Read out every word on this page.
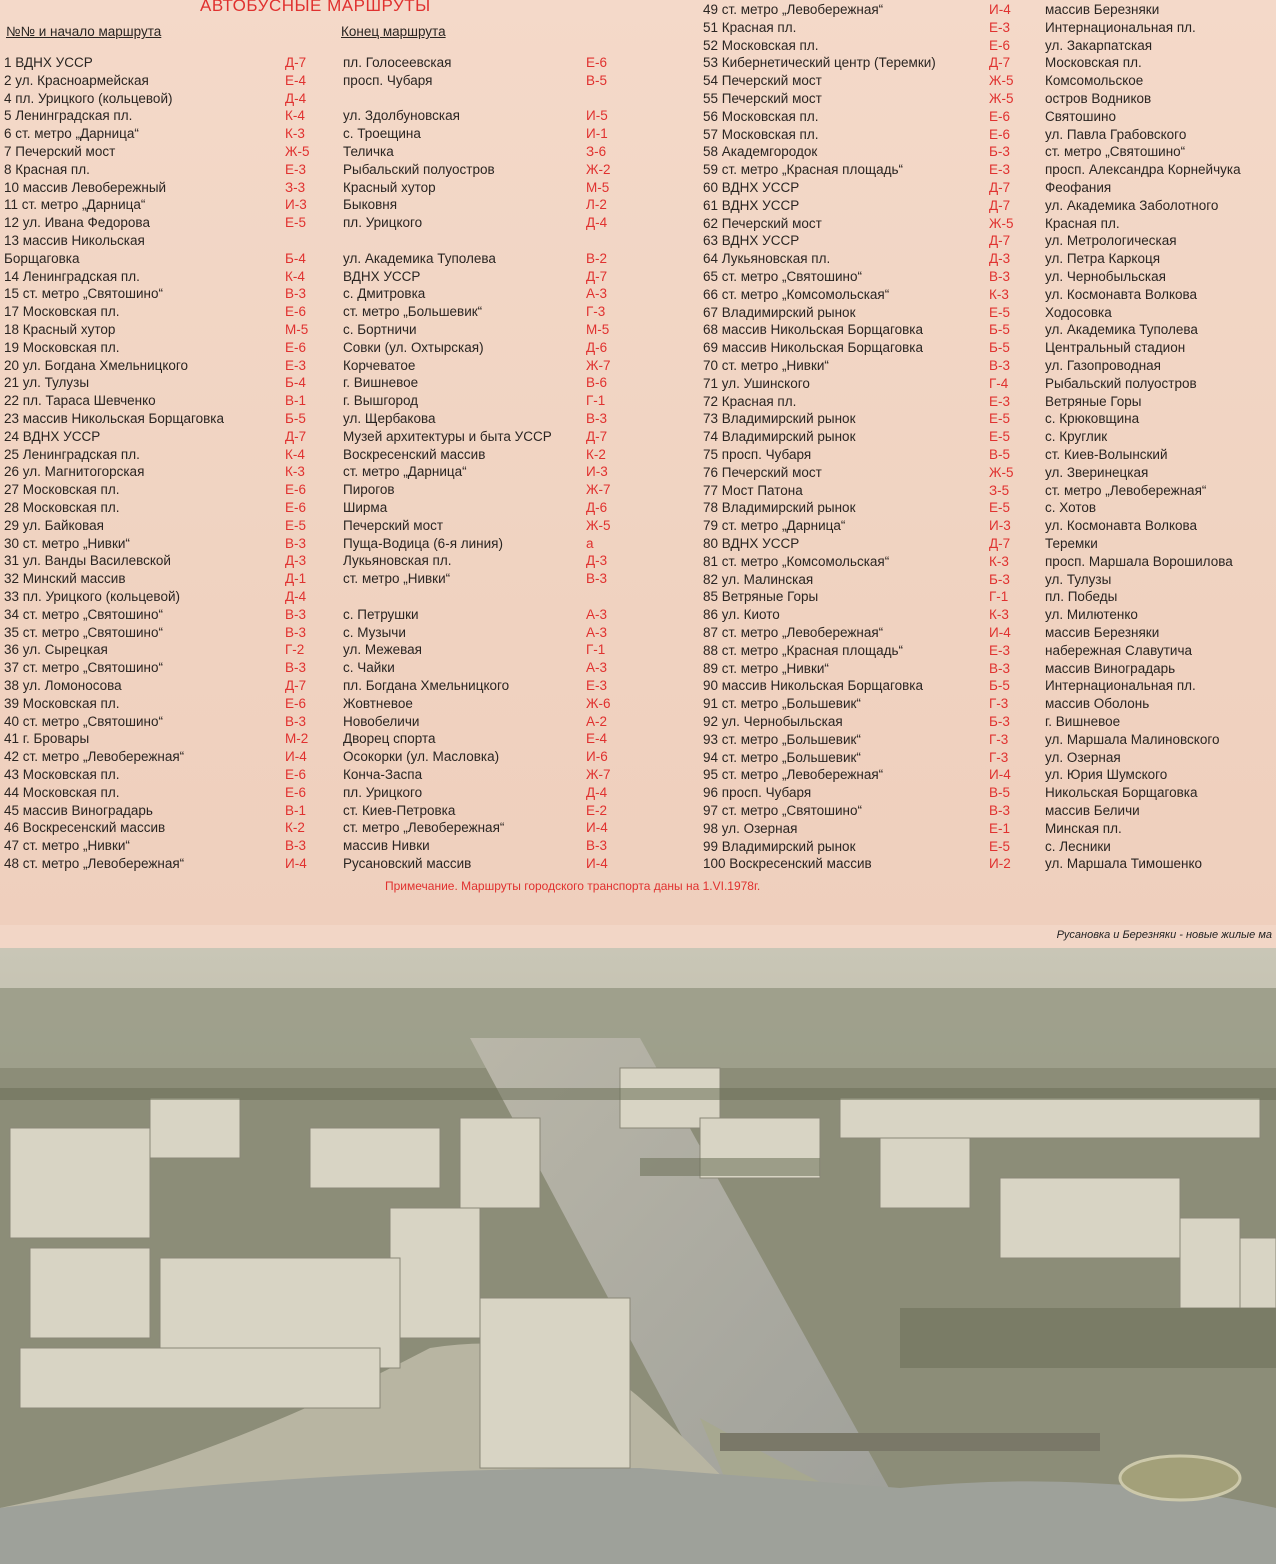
АВТОБУСНЫЕ МАРШРУТЫ
№№ и начало маршрута	Конец маршрута
1 ВДНХ УССР	Д-7	пл. Голосеевская	Е-6
2 ул. Красноармейская	Е-4	просп. Чубаря	В-5
4 пл. Урицкого (кольцевой)	Д-4
5 Ленинградская пл.	К-4	ул. Здолбуновская	И-5
6 ст. метро „Дарница“	К-3	с. Троещина	И-1
7 Печерский мост	Ж-5 Теличка	З-6
8 Красная пл.	Е-3	Рыбальский полуостров	Ж-2
10 массив Левобережный	З-3	Красный хутор	М-5
11 ст. метро „Дарница“	И-3	Быковня	Л-2
12 ул. Ивана Федорова	Е-5	пл. Урицкого	Д-4
13 массив Никольская
Борщаговка	Б-4	ул. Академика Туполева	В-2
14 Ленинградская пл.	К-4	ВДНХ УССР	Д-7
15 ст. метро „Святошино“	В-3	с. Дмитровка	А-3
17 Московская пл.	Е-6	ст. метро „Большевик“	Г-3
18 Красный хутор	М-5	с. Бортничи	М-5
19 Московская пл.	Е-6	Совки (ул. Охтырская)	Д-6
20 ул. Богдана Хмельницкого	Е-3	Корчеватое	Ж-7
21 ул. Тулузы	Б-4	г. Вишневое	В-6
22 пл. Тараса Шевченко	В-1	г. Вышгород	Г-1
23 массив Никольская Борщаговка	Б-5	ул. Щербакова	В-3
24 ВДНХ УССР	Д-7	Музей архитектуры и быта УССР	Д-7
25 Ленинградская пл.	К-4	Воскресенский массив	К-2
26 ул. Магнитогорская	К-3	ст. метро „Дарница“	И-3
27 Московская пл.	Е-6	Пирогов	Ж-7
28 Московская пл.	Е-6	Ширма	Д-6
29 ул. Байковая	Е-5	Печерский мост	Ж-5
30 ст. метро „Нивки“	В-3	Пуща-Водица (6-я линия)	а
31 ул. Ванды Василевской	Д-3	Лукьяновская пл.	Д-3
32 Минский массив	Д-1	ст. метро „Нивки“	В-3
33 пл. Урицкого (кольцевой)	Д-4
34 ст. метро „Святошино“	В-3	с. Петрушки	А-3
35 ст. метро „Святошино“	В-3	с. Музычи	А-3
36 ул. Сырецкая	Г-2	ул. Межевая	Г-1
37 ст. метро „Святошино“	В-3	с. Чайки	А-3
38 ул. Ломоносова	Д-7	пл. Богдана Хмельницкого	Е-3
39 Московская пл.	Е-6	Жовтневое	Ж-6
40 ст. метро „Святошино“	В-3	Новобеличи	А-2
41 г. Бровары	М-2	Дворец спорта	Е-4
42 ст. метро „Левобережная“	И-4	Осокорки (ул. Масловка)	И-6
43 Московская пл.	Е-6	Конча-Заспа	Ж-7
44 Московская пл.	Е-6	пл. Урицкого	Д-4
45 массив Виноградарь	В-1	ст. Киев-Петровка	Е-2
46 Воскресенский массив	К-2	ст. метро „Левобережная“	И-4
47 ст. метро „Нивки“	В-3	массив Нивки	В-3
48 ст. метро „Левобережная“	И-4	Русановский массив	И-4
49 ст. метро „Левобережная“	И-4	массив Березняки
51 Красная пл.	Е-3	Интернациональная пл.
52 Московская пл.	Е-6	ул. Закарпатская
53 Кибернетический центр (Теремки)	Д-7	Московская пл.
54 Печерский мост	Ж-5 Комсомольское
55 Печерский мост	Ж-5 остров Водников
56 Московская пл.	Е-6	Святошино
57 Московская пл.	Е-6	ул. Павла Грабовского
58 Академгородок	Б-3	ст. метро „Святошино“
59 ст. метро „Красная площадь“	Е-3	просп. Александра Корнейчука
60 ВДНХ УССР	Д-7	Феофания
61 ВДНХ УССР	Д-7	ул. Академика Заболотного
62 Печерский мост	Ж-5 Красная пл.
63 ВДНХ УССР	Д-7	ул. Метрологическая
64 Лукьяновская пл.	Д-3	ул. Петра Каркоця
65 ст. метро „Святошино“	В-3	ул. Чернобыльская
66 ст. метро „Комсомольская“	К-3	ул. Космонавта Волкова
67 Владимирский рынок	Е-5	Ходосовка
68 массив Никольская Борщаговка	Б-5	ул. Академика Туполева
69 массив Никольская Борщаговка	Б-5	Центральный стадион
70 ст. метро „Нивки“	В-3	ул. Газопроводная
71 ул. Ушинского	Г-4	Рыбальский полуостров
72 Красная пл.	Е-3	Ветряные Горы
73 Владимирский рынок	Е-5	с. Крюковщина
74 Владимирский рынок	Е-5	с. Круглик
75 просп. Чубаря	В-5	ст. Киев-Волынский
76 Печерский мост	Ж-5 ул. Зверинецкая
77 Мост Патона	З-5	ст. метро „Левобережная“
78 Владимирский рынок	Е-5	с. Хотов
79 ст. метро „Дарница“	И-3	ул. Космонавта Волкова
80 ВДНХ УССР	Д-7	Теремки
81 ст. метро „Комсомольская“	К-3	просп. Маршала Ворошилова
82 ул. Малинская	Б-3	ул. Тулузы
85 Ветряные Горы	Г-1	пл. Победы
86 ул. Киото	К-3	ул. Милютенко
87 ст. метро „Левобережная“	И-4	массив Березняки
88 ст. метро „Красная площадь“	Е-3	набережная Славутича
89 ст. метро „Нивки“	В-3	массив Виноградарь
90 массив Никольская Борщаговка	Б-5	Интернациональная пл.
91 ст. метро „Большевик“	Г-3	массив Оболонь
92 ул. Чернобыльская	Б-3	г. Вишневое
93 ст. метро „Большевик“	Г-3	ул. Маршала Малиновского
94 ст. метро „Большевик“	Г-3	ул. Озерная
95 ст. метро „Левобережная“	И-4	ул. Юрия Шумского
96 просп. Чубаря	В-5	Никольская Борщаговка
97 ст. метро „Святошино“	В-3	массив Беличи
98 ул. Озерная	Е-1	Минская пл.
99 Владимирский рынок	Е-5	с. Лесники
100 Воскресенский массив	И-2	ул. Маршала Тимошенко
Примечание. Маршруты городского транспорта даны на 1.VI.1978г.
Русановка и Березняки - новые жилые ма
